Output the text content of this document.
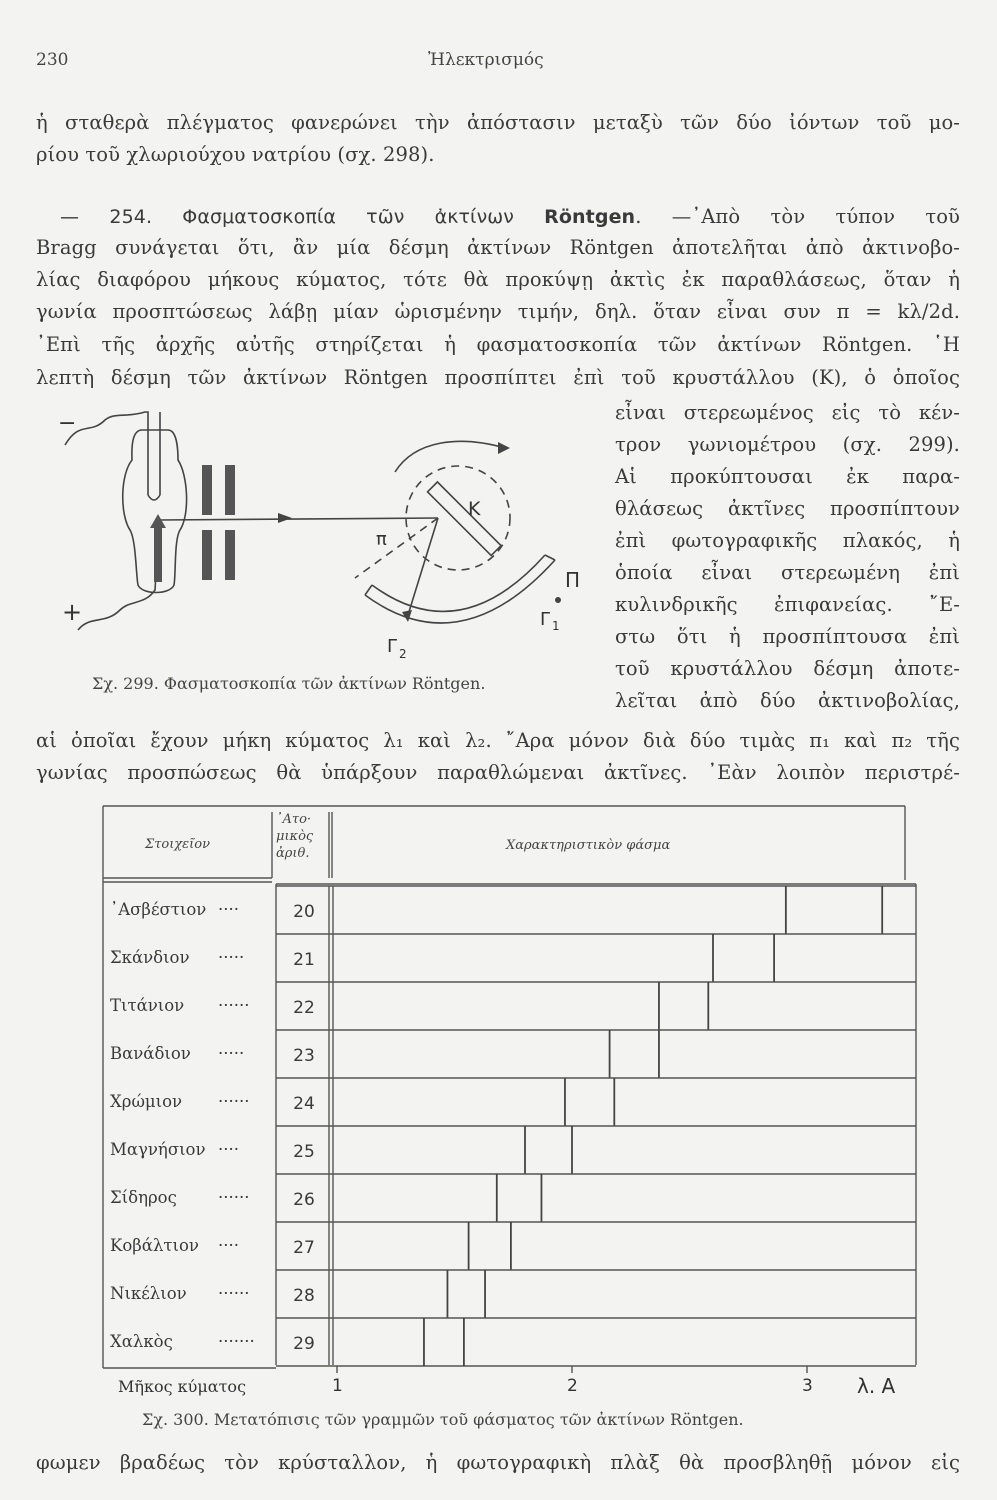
230	Ἠλεκτρισμός
ἡ σταθερὰ πλέγματος φανερώνει τὴν ἀπόστασιν μεταξὺ τῶν δύο ἰόντων τοῦ μο-
ρίου τοῦ χλωριούχου νατρίου (σχ. 298).
— 254. Φασματοσκοπία τῶν ἀκτίνων Röntgen. —᾿Απὸ τὸν τύπον τοῦ
Bragg συνάγεται ὅτι, ἂν μία δέσμη ἀκτίνων Röntgen ἀποτελῆται ἀπὸ ἀκτινοβο-
λίας διαφόρου μήκους κύματος, τότε θὰ προκύψῃ ἀκτὶς ἐκ παραθλάσεως, ὅταν ἡ
γωνία προσπτώσεως λάβῃ μίαν ὡρισμένην τιμήν, δηλ. ὅταν εἶναι συν π = kλ/2d.
᾿Επὶ τῆς ἀρχῆς αὐτῆς στηρίζεται ἡ φασματοσκοπία τῶν ἀκτίνων Röntgen. ῾Η
λεπτὴ δέσμη τῶν ἀκτίνων Röntgen προσπίπτει ἐπὶ τοῦ κρυστάλλου (Κ), ὁ ὁποῖος
εἶναι στερεωμένος εἰς τὸ κέν-
τρον γωνιομέτρου (σχ. 299).
Αἱ προκύπτουσαι ἐκ παρα-
θλάσεως ἀκτῖνες προσπίπτουν
ἐπὶ φωτογραφικῆς πλακός, ἡ
ὁποία εἶναι στερεωμένη ἐπὶ
κυλινδρικῆς ἐπιφανείας. ῎Ε-
στω ὅτι ἡ προσπίπτουσα ἐπὶ
τοῦ κρυστάλλου δέσμη ἀποτε-
λεῖται ἀπὸ δύο ἀκτινοβολίας,
−
+
Κ
π
Π
Γ 1
Γ 2
Σχ. 299. Φασματοσκοπία τῶν ἀκτίνων Röntgen.
αἱ ὁποῖαι ἔχουν μήκη κύματος λ₁ καὶ λ₂. ῎Αρα μόνον διὰ δύο τιμὰς π₁ καὶ π₂ τῆς
γωνίας προσπώσεως θὰ ὑπάρξουν παραθλώμεναι ἀκτῖνες. ᾿Εὰν λοιπὸν περιστρέ-
Στοιχεῖον
᾿Ατο·
μικὸς
ἀριθ.
Χαρακτηριστικὸν φάσμα
᾿Ασβέστιον ····	20
Σκάνδιον ·····	21
Τιτάνιον ······	22
Βανάδιον ·····	23
Χρώμιον ······	24
Μαγνήσιον ····	25
Σίδηρος ······	26
Κοβάλτιον ····	27
Νικέλιον ······	28
Χαλκὸς	·······	29
Μῆκος κύματος	1	2	3 λ. Α
Σχ. 300. Μετατόπισις τῶν γραμμῶν τοῦ φάσματος τῶν ἀκτίνων Röntgen.
φωμεν βραδέως τὸν κρύσταλλον, ἡ φωτογραφικὴ πλὰξ θὰ προσβληθῇ μόνον εἰς
